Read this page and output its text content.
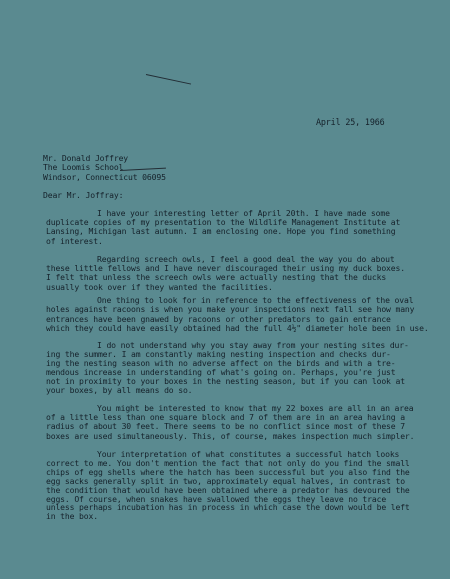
April 25, 1966
Mr. Donald Joffrey
The Loomis School
Windsor, Connecticut 06095
Dear Mr. Joffray:
I have your interesting letter of April 20th. I have made some
duplicate copies of my presentation to the Wildlife Management Institute at
Lansing, Michigan last autumn. I am enclosing one. Hope you find something
of interest.
Regarding screech owls, I feel a good deal the way you do about
these little fellows and I have never discouraged their using my duck boxes.
I felt that unless the screech owls were actually nesting that the ducks
usually took over if they wanted the facilities.
One thing to look for in reference to the effectiveness of the oval
holes against racoons is when you make your inspections next fall see how many
entrances have been gnawed by racoons or other predators to gain entrance
which they could have easily obtained had the full 4½" diameter hole been in use.
I do not understand why you stay away from your nesting sites dur-
ing the summer. I am constantly making nesting inspection and checks dur-
ing the nesting season with no adverse affect on the birds and with a tre-
mendous increase in understanding of what's going on. Perhaps, you're just
not in proximity to your boxes in the nesting season, but if you can look at
your boxes, by all means do so.
You might be interested to know that my 22 boxes are all in an area
of a little less than one square block and 7 of them are in an area having a
radius of about 30 feet. There seems to be no conflict since most of these 7
boxes are used simultaneously. This, of course, makes inspection much simpler.
Your interpretation of what constitutes a successful hatch looks
correct to me. You don't mention the fact that not only do you find the small
chips of egg shells where the hatch has been successful but you also find the
egg sacks generally split in two, approximately equal halves, in contrast to
the condition that would have been obtained where a predator has devoured the
eggs. Of course, when snakes have swallowed the eggs they leave no trace
unless perhaps incubation has in process in which case the down would be left
in the box.
